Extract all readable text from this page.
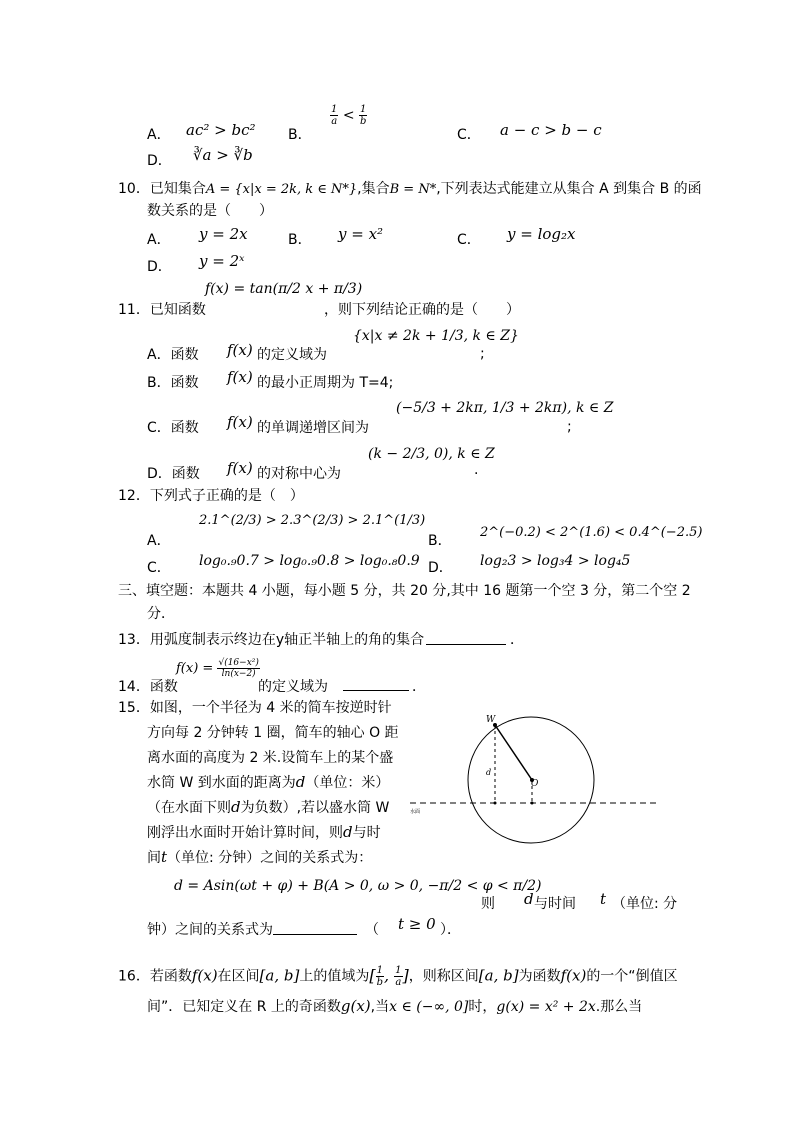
A． ac² > bc² B．
$\frac{1}{a} < \frac{1}{b}$
C． a − c > b − c
D． ∛a > ∛b
10．已知集合A = {x|x = 2k, k ∈ N*},集合B = N*,下列表达式能建立从集合 A 到集合 B 的函
数关系的是（　　）
A． y = 2x	B． y = x²	C． y = log₂x
D． y = 2ˣ
f(x) = tan(π/2 x + π/3)
11．已知函数	，则下列结论正确的是（　　）
A．函数 f(x) 的定义域为
{x|x ≠ 2k + 1/3, k ∈ Z}
;
B．函数 f(x) 的最小正周期为 T=4;
C．函数 f(x) 的单调递增区间为
(−5/3 + 2kπ, 1/3 + 2kπ), k ∈ Z
;
D．函数 f(x) 的对称中心为
(k − 2/3, 0), k ∈ Z
.
12．下列式子正确的是（　）
A．
2.1^(2/3) > 2.3^(2/3) > 2.1^(1/3)
B．
2^(−0.2) < 2^(1.6) < 0.4^(−2.5)
C． log₀.₉0.7 > log₀.₉0.8 > log₀.₈0.9 D． log₂3 > log₃4 > log₄5
三、填空题：本题共 4 小题，每小题 5 分，共 20 分,其中 16 题第一个空 3 分，第二个空 2
分．
13．用弧度制表示终边在y轴正半轴上的角的集合	．
$f(x) = \frac{\text{√(16−x²)}}{\ln(x-2)}$
14．函数	的定义域为	．
15．如图，一个半径为 4 米的简车按逆时针
方向每 2 分钟转 1 圈，简车的轴心 O 距
离水面的高度为 2 米.设简车上的某个盛
水筒 W 到水面的距离为d（单位：米）
（在水面下则d为负数）,若以盛水筒 W
刚浮出水面时开始计算时间，则d与时
间t（单位: 分钟）之间的关系式为：
d = Asin(ωt + φ) + B(A > 0, ω > 0, −π/2 < φ < π/2)
则 d 与时间 t （单位: 分
钟）之间的关系式为	（ t ≥ 0 ）．
W
d
O
水面
16．若函数f(x)在区间[a, b]上的值域为[ $\frac{1}{b}$ , $\frac{1}{a}$ ]，则称区间[a, b]为函数f(x)的一个“倒值区
间”．已知定义在 R 上的奇函数g(x),当x ∈ (−∞, 0]时，g(x) = x² + 2x.那么当
